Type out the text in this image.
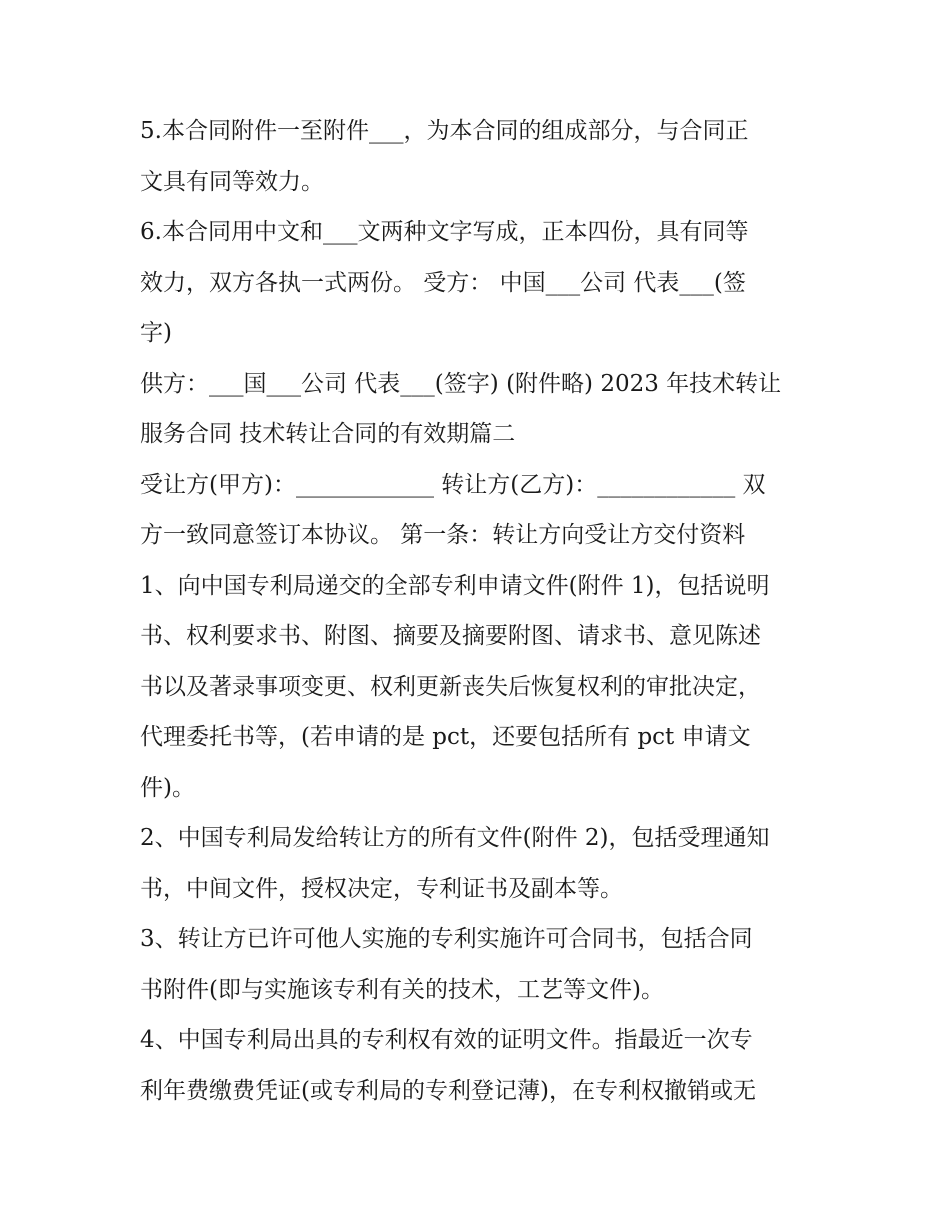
5.本合同附件一至附件___，为本合同的组成部分，与合同正
文具有同等效力。

6.本合同用中文和___文两种文字写成，正本四份，具有同等
效力，双方各执一式两份。 受方： 中国___公司 代表___(签
字)

供方：___国___公司 代表___(签字) (附件略) 2023 年技术转让
服务合同 技术转让合同的有效期篇二

受让方(甲方)：____________ 转让方(乙方)：____________ 双
方一致同意签订本协议。 第一条：转让方向受让方交付资料
1、向中国专利局递交的全部专利申请文件(附件 1)，包括说明
书、权利要求书、附图、摘要及摘要附图、请求书、意见陈述
书以及著录事项变更、权利更新丧失后恢复权利的审批决定，
代理委托书等，(若申请的是 pct，还要包括所有 pct 申请文
件)。

2、中国专利局发给转让方的所有文件(附件 2)，包括受理通知
书，中间文件，授权决定，专利证书及副本等。

3、转让方已许可他人实施的专利实施许可合同书，包括合同
书附件(即与实施该专利有关的技术，工艺等文件)。

4、中国专利局出具的专利权有效的证明文件。指最近一次专
利年费缴费凭证(或专利局的专利登记薄)，在专利权撤销或无
